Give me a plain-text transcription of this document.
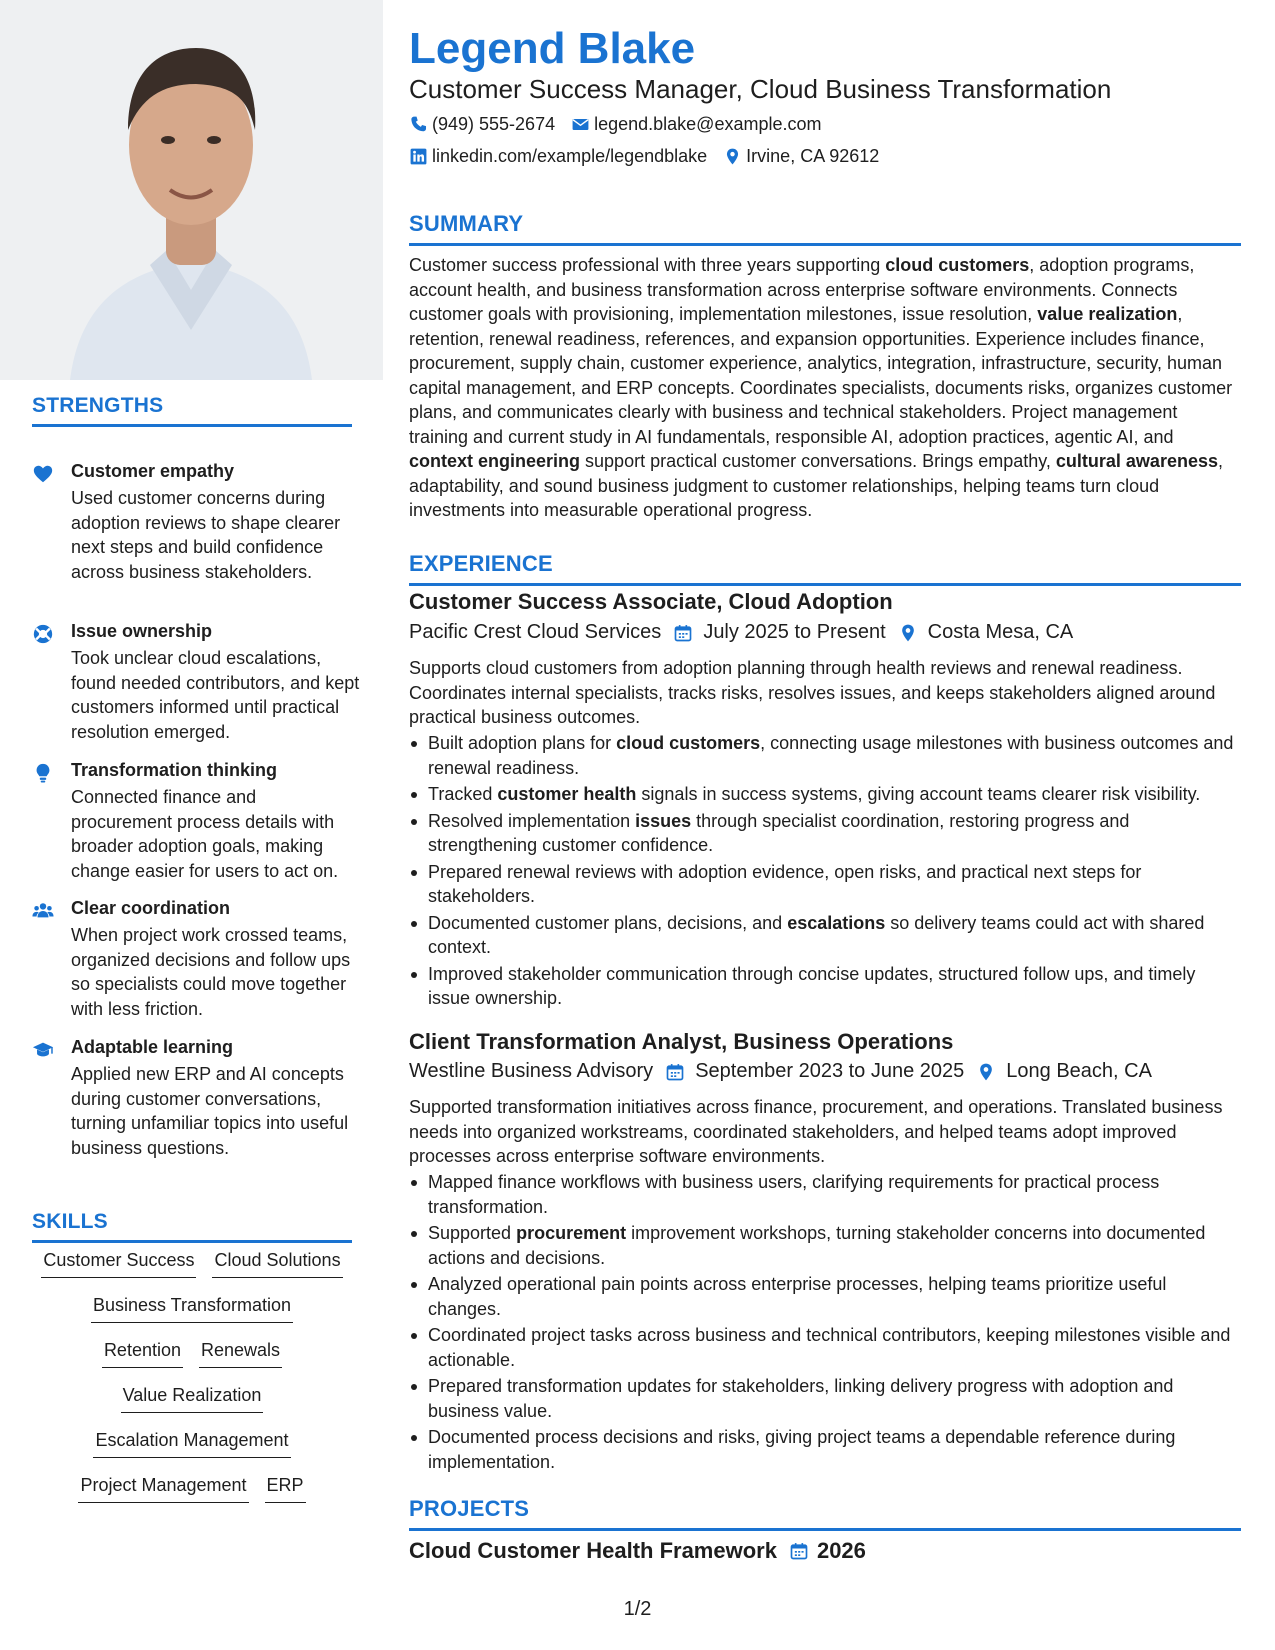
STRENGTHS
Customer empathy
Used customer concerns during adoption reviews to shape clearer next steps and build confidence across business stakeholders.
Issue ownership
Took unclear cloud escalations, found needed contributors, and kept customers informed until practical resolution emerged.
Transformation thinking
Connected finance and procurement process details with broader adoption goals, making change easier for users to act on.
Clear coordination
When project work crossed teams, organized decisions and follow ups so specialists could move together with less friction.
Adaptable learning
Applied new ERP and AI concepts during customer conversations, turning unfamiliar topics into useful business questions.
SKILLS
Customer Success Cloud Solutions
Business Transformation
Retention Renewals
Value Realization
Escalation Management
Project Management ERP
Legend Blake
Customer Success Manager, Cloud Business Transformation
(949) 555-2674 legend.blake@example.com
linkedin.com/example/legendblake Irvine, CA 92612
SUMMARY
Customer success professional with three years supporting cloud customers, adoption programs, account health, and business transformation across enterprise software environments. Connects customer goals with provisioning, implementation milestones, issue resolution, value realization, retention, renewal readiness, references, and expansion opportunities. Experience includes finance, procurement, supply chain, customer experience, analytics, integration, infrastructure, security, human capital management, and ERP concepts. Coordinates specialists, documents risks, organizes customer plans, and communicates clearly with business and technical stakeholders. Project management training and current study in AI fundamentals, responsible AI, adoption practices, agentic AI, and context engineering support practical customer conversations. Brings empathy, cultural awareness, adaptability, and sound business judgment to customer relationships, helping teams turn cloud investments into measurable operational progress.
EXPERIENCE
Customer Success Associate, Cloud Adoption
Pacific Crest Cloud Services July 2025 to Present Costa Mesa, CA
Supports cloud customers from adoption planning through health reviews and renewal readiness. Coordinates internal specialists, tracks risks, resolves issues, and keeps stakeholders aligned around practical business outcomes.
Built adoption plans for cloud customers, connecting usage milestones with business outcomes and renewal readiness.
Tracked customer health signals in success systems, giving account teams clearer risk visibility.
Resolved implementation issues through specialist coordination, restoring progress and strengthening customer confidence.
Prepared renewal reviews with adoption evidence, open risks, and practical next steps for stakeholders.
Documented customer plans, decisions, and escalations so delivery teams could act with shared context.
Improved stakeholder communication through concise updates, structured follow ups, and timely issue ownership.
Client Transformation Analyst, Business Operations
Westline Business Advisory September 2023 to June 2025 Long Beach, CA
Supported transformation initiatives across finance, procurement, and operations. Translated business needs into organized workstreams, coordinated stakeholders, and helped teams adopt improved processes across enterprise software environments.
Mapped finance workflows with business users, clarifying requirements for practical process transformation.
Supported procurement improvement workshops, turning stakeholder concerns into documented actions and decisions.
Analyzed operational pain points across enterprise processes, helping teams prioritize useful changes.
Coordinated project tasks across business and technical contributors, keeping milestones visible and actionable.
Prepared transformation updates for stakeholders, linking delivery progress with adoption and business value.
Documented process decisions and risks, giving project teams a dependable reference during implementation.
PROJECTS
Cloud Customer Health Framework 2026
1/2
